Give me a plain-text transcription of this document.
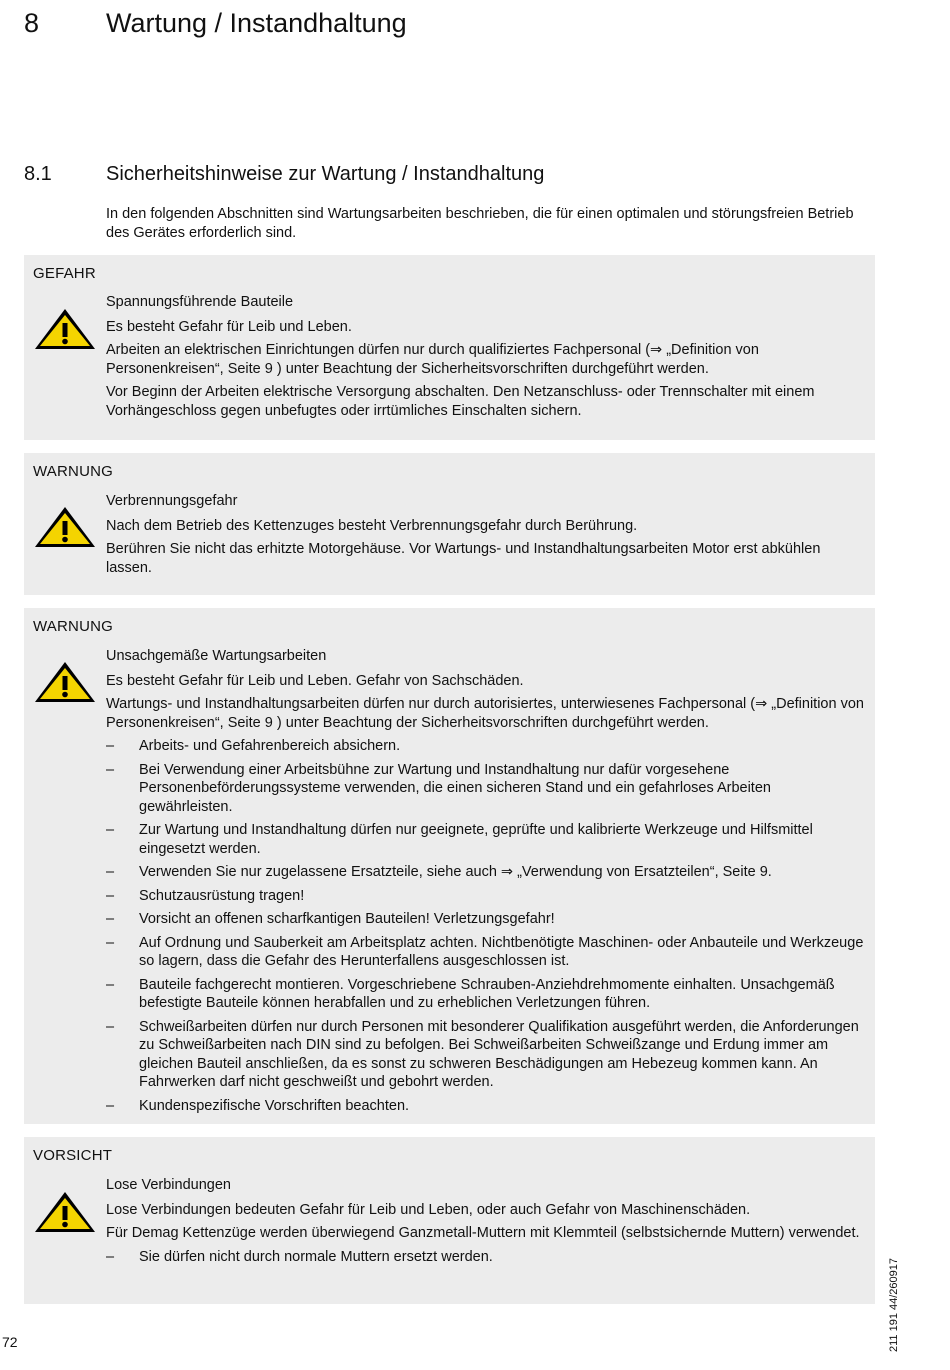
8 Wartung / Instandhaltung
8.1	Sicherheitshinweise zur Wartung / Instandhaltung
In den folgenden Abschnitten sind Wartungsarbeiten beschrieben, die für einen optimalen und störungsfreien Betrieb des Gerätes erforderlich sind.
GEFAHR

Spannungsführende Bauteile

Es besteht Gefahr für Leib und Leben.

Arbeiten an elektrischen Einrichtungen dürfen nur durch qualifiziertes Fachpersonal (⇒ „Definition von Personenkreisen“, Seite 9 ) unter Beachtung der Sicherheitsvorschriften durchgeführt werden.

Vor Beginn der Arbeiten elektrische Versorgung abschalten. Den Netzanschluss- oder Trennschalter mit einem Vorhängeschloss gegen unbefugtes oder irrtümliches Einschalten sichern.

WARNUNG

Verbrennungsgefahr

Nach dem Betrieb des Kettenzuges besteht Verbrennungsgefahr durch Berührung.

Berühren Sie nicht das erhitzte Motorgehäuse. Vor Wartungs- und Instandhaltungsarbeiten Motor erst abkühlen lassen.

WARNUNG

Unsachgemäße Wartungsarbeiten

Es besteht Gefahr für Leib und Leben. Gefahr von Sachschäden.

Wartungs- und Instandhaltungsarbeiten dürfen nur durch autorisiertes, unterwiesenes Fachpersonal (⇒ „Definition von Personenkreisen“, Seite 9 ) unter Beachtung der Sicherheitsvorschriften durchgeführt werden.

– Arbeits- und Gefahrenbereich absichern.
– Bei Verwendung einer Arbeitsbühne zur Wartung und Instandhaltung nur dafür vorgesehene Personenbeförderungssysteme verwenden, die einen sicheren Stand und ein gefahrloses Arbeiten gewährleisten.
– Zur Wartung und Instandhaltung dürfen nur geeignete, geprüfte und kalibrierte Werkzeuge und Hilfsmittel eingesetzt werden.
– Verwenden Sie nur zugelassene Ersatzteile, siehe auch ⇒ „Verwendung von Ersatzteilen“, Seite 9.
– Schutzausrüstung tragen!
– Vorsicht an offenen scharfkantigen Bauteilen! Verletzungsgefahr!
– Auf Ordnung und Sauberkeit am Arbeitsplatz achten. Nichtbenötigte Maschinen- oder Anbauteile und Werkzeuge so lagern, dass die Gefahr des Herunterfallens ausgeschlossen ist.
– Bauteile fachgerecht montieren. Vorgeschriebene Schrauben-Anziehdrehmomente einhalten. Unsachgemäß befestigte Bauteile können herabfallen und zu erheblichen Verletzungen führen.
– Schweißarbeiten dürfen nur durch Personen mit besonderer Qualifikation ausgeführt werden, die Anforderungen zu Schweißarbeiten nach DIN sind zu befolgen. Bei Schweißarbeiten Schweißzange und Erdung immer am gleichen Bauteil anschließen, da es sonst zu schweren Beschädigungen am Hebezeug kommen kann. An Fahrwerken darf nicht geschweißt und gebohrt werden.
– Kundenspezifische Vorschriften beachten.
VORSICHT

Lose Verbindungen

Lose Verbindungen bedeuten Gefahr für Leib und Leben, oder auch Gefahr von Maschinenschäden.

Für Demag Kettenzüge werden überwiegend Ganzmetall-Muttern mit Klemmteil (selbstsichernde Muttern) verwendet.

– Sie dürfen nicht durch normale Muttern ersetzt werden.
72	211 191 44/260917
